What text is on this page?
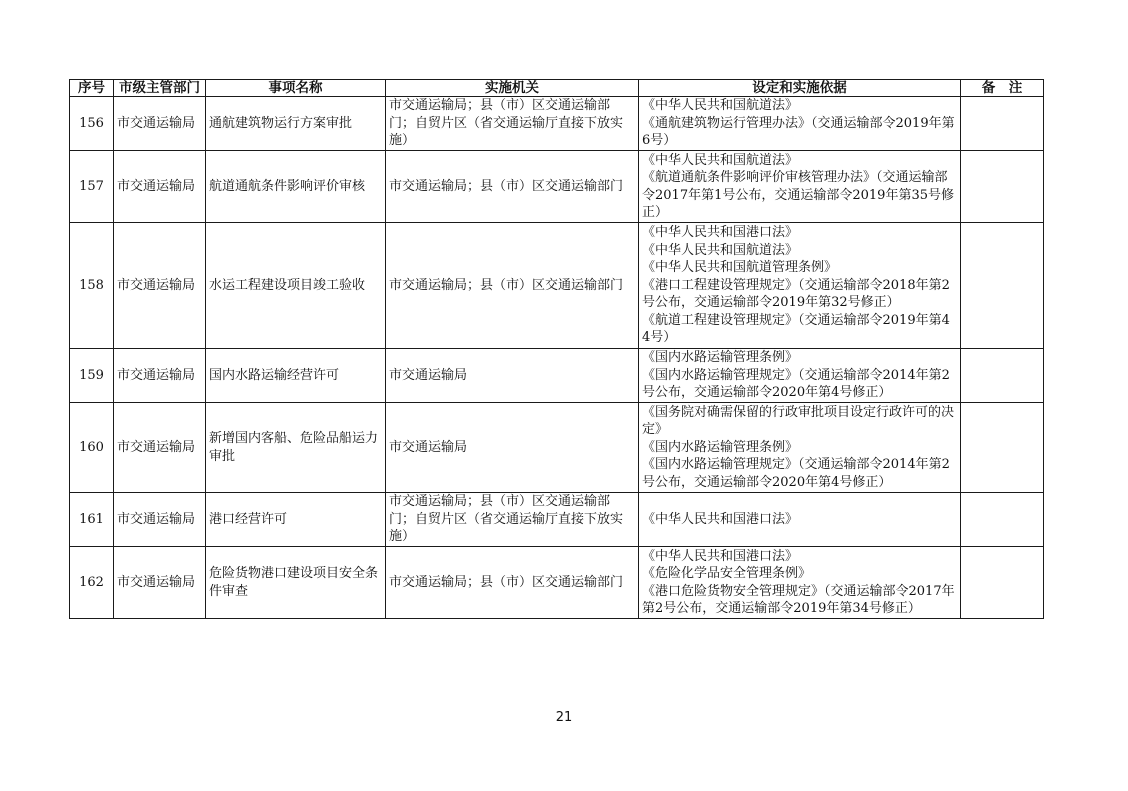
序号	市级主管部门	事项名称	实施机关	设定和实施依据	备　注
156	市交通运输局	通航建筑物运行方案审批	市交通运输局；县（市）区交通运输部门；自贸片区（省交通运输厅直接下放实施）	《中华人民共和国航道法》
《通航建筑物运行管理办法》（交通运输部令2019年第6号）	

157	市交通运输局	航道通航条件影响评价审核	市交通运输局；县（市）区交通运输部门	《中华人民共和国航道法》
《航道通航条件影响评价审核管理办法》（交通运输部令2017年第1号公布，交通运输部令2019年第35号修正）	

158	市交通运输局	水运工程建设项目竣工验收	市交通运输局；县（市）区交通运输部门	《中华人民共和国港口法》
《中华人民共和国航道法》
《中华人民共和国航道管理条例》
《港口工程建设管理规定》（交通运输部令2018年第2号公布，交通运输部令2019年第32号修正）
《航道工程建设管理规定》（交通运输部令2019年第44号）	

159	市交通运输局	国内水路运输经营许可	市交通运输局	《国内水路运输管理条例》
《国内水路运输管理规定》（交通运输部令2014年第2号公布，交通运输部令2020年第4号修正）	

160	市交通运输局	新增国内客船、危险品船运力审批	市交通运输局	《国务院对确需保留的行政审批项目设定行政许可的决定》
《国内水路运输管理条例》
《国内水路运输管理规定》（交通运输部令2014年第2号公布，交通运输部令2020年第4号修正）	

161	市交通运输局	港口经营许可	市交通运输局；县（市）区交通运输部门；自贸片区（省交通运输厅直接下放实施）	《中华人民共和国港口法》	

162	市交通运输局	危险货物港口建设项目安全条件审查	市交通运输局；县（市）区交通运输部门	《中华人民共和国港口法》
《危险化学品安全管理条例》
《港口危险货物安全管理规定》（交通运输部令2017年第2号公布，交通运输部令2019年第34号修正）	

21
